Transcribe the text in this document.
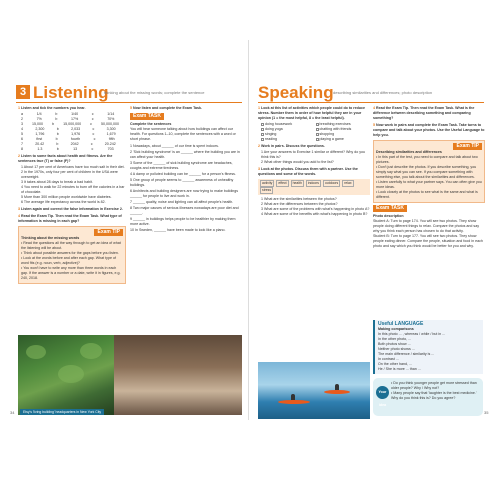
3 Listening
thinking about the missing words; complete the sentence	Speaking describing similarities and differences; photo description
1 Listen and tick the numbers you hear.
a	1/4	b	1/40	c	1/14
2	7%	b	17%	c	70%
3	15,000	b	15,000,000	c	50,000,000
4	2,300	b	2,033	c	3,300
5	1,796	b	1,976	c	1,679
6	first	b	fourth	c	fifth
7	20.42	b	2042	c	20.242
8	1.3	b	13	c	703
2 Listen to some facts about health and fitness. Are the sentences true (T) or false (F)?
1 About 17 per cent of Americans have too much salt in their diet.
2 In the 1970s, only four per cent of children in the USA were overweight.
3 It takes about 28 days to break a bad habit.
4 You need to walk for 22 minutes to burn off the calories in a bar of chocolate.
5 More than 300 million people worldwide have diabetes.
6 The average life expectancy across the world is 82.
3 Listen again and correct the false information in Exercise 2.
4 Read the Exam Tip. Then read the Exam Task. What type of information is missing in each gap?
Exam TIP
Thinking about the missing words
• Read the questions all the way through to get an idea of what the listening will be about.
• Think about possible answers for the gaps before you listen.
• Look at the words before and after each gap. What type of word fits (e.g. noun, verb, adjective)?
• You won't have to write any more than three words in each gap. If the answer is a number or a date, write it in figures, e.g. 240, 2018.
5 Now listen and complete the Exam Task.
Exam TASK
Complete the sentences
You will hear someone talking about how buildings can affect our health. For questions 1–10, complete the sentences with a word or short phrase.
1 Nowadays, about ______ of our time is spent indoors.
2 'Sick building syndrome' is an ______ where the building you are in can affect your health.
3 Some of the ______ of sick building syndrome are headaches, coughs and extreme tiredness.
4 A damp or polluted building can be ______ for a person's fitness.
5 One group of people seems to ______ awareness of unhealthy buildings.
6 Architects and building designers are now trying to make buildings ______ for people to live and work in.
7 ______ quality, noise and lighting can all affect people's health.
8 Two major causes of serious illnesses nowadays are poor diet and ______.
9 ______ in buildings helps people to be healthier by making them more active.
10 In Sweden, ______ have been made to look like a piano.
Etsy's 'living building' headquarters in New York City
34
1 Look at this list of activities which people could do to reduce stress. Number them in order of how helpful they are in your opinion (1 = the most helpful, 8 = the least helpful).
doing housework	breathing exercises
doing yoga	chatting with friends
singing	shopping
reading	playing a game
2 Work in pairs. Discuss the questions.
1 Are your answers to Exercise 1 similar or different? Why do you think this is?
2 What other things would you add to the list?
3 Look at the photos. Discuss them with a partner. Use the questions and some of the words.
activity effect health indoors outdoors relaxstress
1 What are the similarities between the photos?
2 What are the differences between the photos?
3 What are some of the problems with what's happening in photo A?
4 What are some of the benefits with what's happening in photo B?
4 Read the Exam Tip. Then read the Exam Task. What is the difference between describing something and comparing something?
5 Now work in pairs and complete the Exam Task. Take turns to compare and talk about your photos. Use the Useful Language to help you.
Exam TIP
Describing similarities and differences
• In this part of the test, you need to compare and talk about two pictures.
• Don't just describe the photos. If you describe something, you simply say what you can see. If you compare something with something else, you talk about the similarities and differences.
• Listen carefully to what your partner says. You can often give you more ideas.
• Look closely at the photos to see what is the same and what is different.
Exam TASK
Photo description
Student A: Turn to page 174. You will see two photos. They show people doing different things to relax. Compare the photos and say why you think each person has chosen to do that activity.
Student B: Turn to page 177. You will see two photos. They show people eating dinner. Compare the people, situation and food in each photo and say which you think would be better for you and why.
Useful LANGUAGE
Making comparisons
In this photo ... , whereas / while / but in ...
In the other photo, ...
Both photos show ...
Neither photo shows ...
The main difference / similarity is ...
In contrast ...
On the other hand, ...
He / She is more ... than ...
Your idea
• Do you think younger people get more stressed than older people? Why / Why not?
• Many people say that 'laughter is the best medicine.' Why do you think this is? Do you agree?
35
